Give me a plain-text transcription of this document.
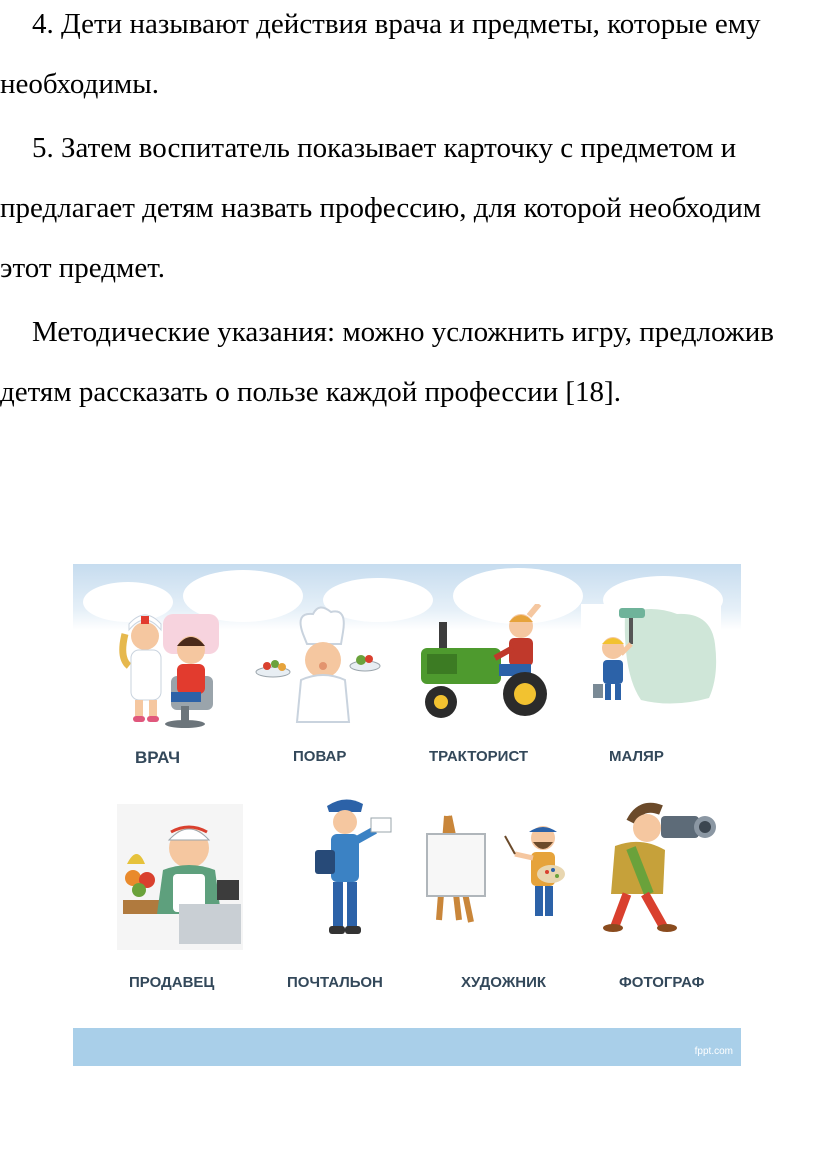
4. Дети называют действия врача и предметы, которые ему необходимы.

5. Затем воспитатель показывает карточку с предметом и предлагает детям назвать профессию, для которой необходим этот предмет.

Методические указания: можно усложнить игру, предложив детям рассказать о пользе каждой профессии [18].

ВРАЧ	ПОВАР	ТРАКТОРИСТ	МАЛЯР
ПРОДАВЕЦ	ПОЧТАЛЬОН	ХУДОЖНИК	ФОТОГРАФ
fppt.com
